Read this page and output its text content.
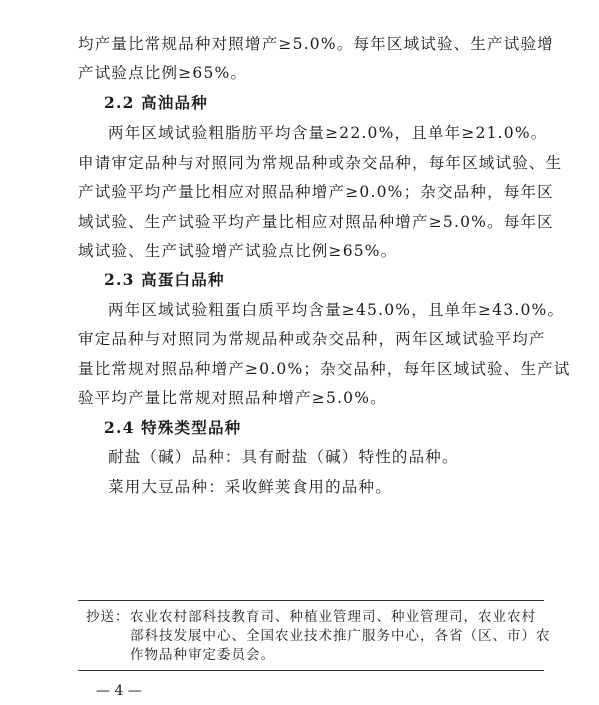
均产量比常规品种对照增产≥5.0%。每年区域试验、生产试验增
产试验点比例≥65%。
2.2 高油品种
两年区域试验粗脂肪平均含量≥22.0%，且单年≥21.0%。
申请审定品种与对照同为常规品种或杂交品种，每年区域试验、生
产试验平均产量比相应对照品种增产≥0.0%；杂交品种，每年区
域试验、生产试验平均产量比相应对照品种增产≥5.0%。每年区
域试验、生产试验增产试验点比例≥65%。
2.3 高蛋白品种
两年区域试验粗蛋白质平均含量≥45.0%，且单年≥43.0%。
审定品种与对照同为常规品种或杂交品种，两年区域试验平均产
量比常规对照品种增产≥0.0%；杂交品种，每年区域试验、生产试
验平均产量比常规对照品种增产≥5.0%。
2.4 特殊类型品种
耐盐（碱）品种：具有耐盐（碱）特性的品种。
菜用大豆品种：采收鲜荚食用的品种。
抄送： 农业农村部科技教育司、种植业管理司、种业管理司，农业农村
部科技发展中心、全国农业技术推广服务中心，各省（区、市）农
作物品种审定委员会。
— 4 —
